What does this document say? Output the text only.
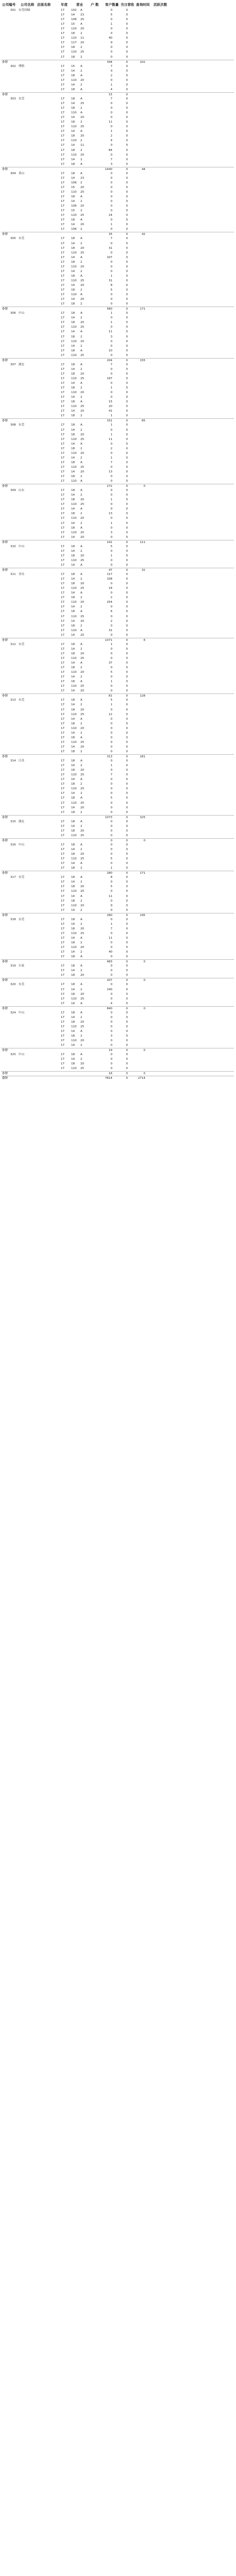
公司编号 公司名称 店面名称	年度	营业 户 数 客户数量 当日营收 查询时间 活跃次数
301 东莞国城	17 102 A	0	0
17 14 23	5	0
17 106 25	0	0
17 15 A	1	0
17 110 20	0	0
17 18 2	0	0
17 110 11	40	0
17 117 20	9	0
17 18 2	0	0
17 110 25	0	0
17 18 2	0	0
小计	344	0	102
302 博斯	17 15 A	7	0
17 14 2	0	0
17 18 A	2	0
17 110 20	0	0
17 14 2	1	0
17 18 A	4	0
小计	15	0
303 东莞	17 18 A	7	0
17 14 25	0	0
17 18 2	0	0
17 110 A	0	0
17 14 20	0	0
17 18 2	11	0
17 110 25	0	0
17 14 A	1	0
17 18 20	2	0
17 110 2	4	0
17 14 11	0	0
17 18 2	84	0
17 110 20	0	0
17 14 2	7	0
17 18 A	3	0
小计	1440	0	44
304 黄山	17 18 A	0	0
17 14 23	0	0
17 106 2	0	0
17 15 20	0	0
17 110 25	0	0
17 18 A	0	0
17 14 2	0	0
17 106 20	0	0
17 15 2	0	0
17 110 25	24	0
17 18 A	0	0
17 14 20	1	0
17 106 2	0	0
小计	35	0	42
305 东莞	17 18 A	7	0
17 14 2	0	0
17 18 20	31	0
17 110 25	0	0
17 14 A	107	0
17 18 2	0	0
17 110 20	0	0
17 14 2	0	0
17 18 A	1	0
17 110 25	31	0
17 14 20	8	0
17 18 2	5	0
17 110 A	0	0
17 14 20	0	0
17 18 2	0	0
小计	580	0	171
306 中山	17 18 A	1	0
17 14 2	0	0
17 18 20	1	0
17 110 25	0	0
17 14 A	11	0
17 18 2	3	0
17 110 20	0	0
17 14 2	0	0
17 18 A	10	0
17 110 25	0	0
小计	204	0	155
307 湖北	17 18 A	7	0
17 14 2	0	0
17 18 20	0	0
17 110 25	197	0
17 14 A	0	0
17 18 2	1	0
17 110 20	0	0
17 14 2	0	0
17 18 A	15	0
17 110 25	20	0
17 14 20	41	0
17 18 2	1	0
小计	331	0	85
308 东莞	17 18 A	1	0
17 14 2	0	0
17 18 20	1	0
17 110 25	11	0
17 14 A	0	0
17 18 2	2	0
17 110 20	0	0
17 14 2	1	0
17 18 A	7	0
17 110 25	0	0
17 14 20	13	0
17 18 2	0	0
17 110 A	0	0
小计	272	0	0
309 山东	17 18 A	0	0
17 14 2	0	0
17 18 20	1	0
17 110 25	0	0
17 14 A	0	0
17 18 2	13	0
17 110 20	0	0
17 14 2	1	0
17 18 A	0	0
17 110 25	3	0
17 14 20	0	0
小计	241	0	111
310 中山	17 18 A	5	0
17 14 2	0	0
17 18 20	1	0
17 110 25	0	0
17 14 A	0	0
小计	47	0	32
311 青岛	17 18 A	117	0
17 14 2	108	0
17 18 20	0	0
17 110 25	18	0
17 14 A	0	0
17 18 2	2	0
17 110 20	254	0
17 14 2	0	0
17 18 A	6	0
17 110 25	0	0
17 14 20	2	0
17 18 2	0	0
17 110 A	31	0
17 14 20	0	0
小计	1071	0	6
312 东莞	17 18 A	1	0
17 14 2	0	0
17 18 20	0	0
17 110 25	0	0
17 14 A	37	0
17 18 2	0	0
17 110 20	5	0
17 14 2	0	0
17 18 A	1	0
17 110 25	0	0
17 14 20	0	0
小计	81	0	128
313 东莞	17 18 A	5	0
17 14 2	1	0
17 18 20	0	0
17 110 25	12	0
17 14 A	0	0
17 18 2	0	0
17 110 20	0	0
17 14 2	0	0
17 18 A	0	0
17 110 25	0	0
17 14 20	0	0
17 18 2	0	0
小计	313	0	181
314 江苏	17 18 A	0	0
17 14 2	1	0
17 18 20	0	0
17 110 25	7	0
17 14 A	0	0
17 18 2	0	0
17 110 20	0	0
17 14 2	0	0
17 18 A	5	0
17 110 25	0	0
17 14 20	0	0
17 18 2	0	0
小计	1073	0	325
315 湖北	17 18 A	0	0
17 14 2	0	0
17 18 20	0	0
17 110 25	0	0
小计	0	0	0
316 中山	17 18 A	0	0
17 14 2	0	0
17 18 20	0	0
17 110 25	5	0
17 14 A	0	0
17 18 2	1	0
小计	280	0	171
317 东莞	17 18 A	8	0
17 14 2	0	0
17 18 20	5	0
17 110 25	0	0
17 14 A	11	0
17 18 2	0	0
17 110 20	9	0
17 14 2	0	0
小计	280	0	245
318 东莞	17 18 A	0	0
17 14 2	1	0
17 18 20	7	0
17 110 25	0	0
17 14 A	11	0
17 18 2	0	0
17 110 20	0	0
17 14 2	40	0
17 18 A	0	0
小计	483	0	0
319 石家	17 18 A	0	0
17 14 2	0	0
17 18 20	0	0
小计	207	0	0
320 东莞	17 18 A	0	0
17 14 2	240	0
17 18 20	0	0
17 110 25	0	0
17 14 A	4	0
小计	840	0	0
324 中山	17 18 A	0	0
17 14 2	0	0
17 18 20	0	0
17 110 25	0	0
17 14 A	0	0
17 18 2	3	0
17 110 20	0	0
17 14 2	0	0
小计	19	0	0
325 中山	17 18 A	0	0
17 14 2	0	0
17 18 20	0	0
17 110 25	0	0
小计	16	0	0
合计	7814	0	2714
